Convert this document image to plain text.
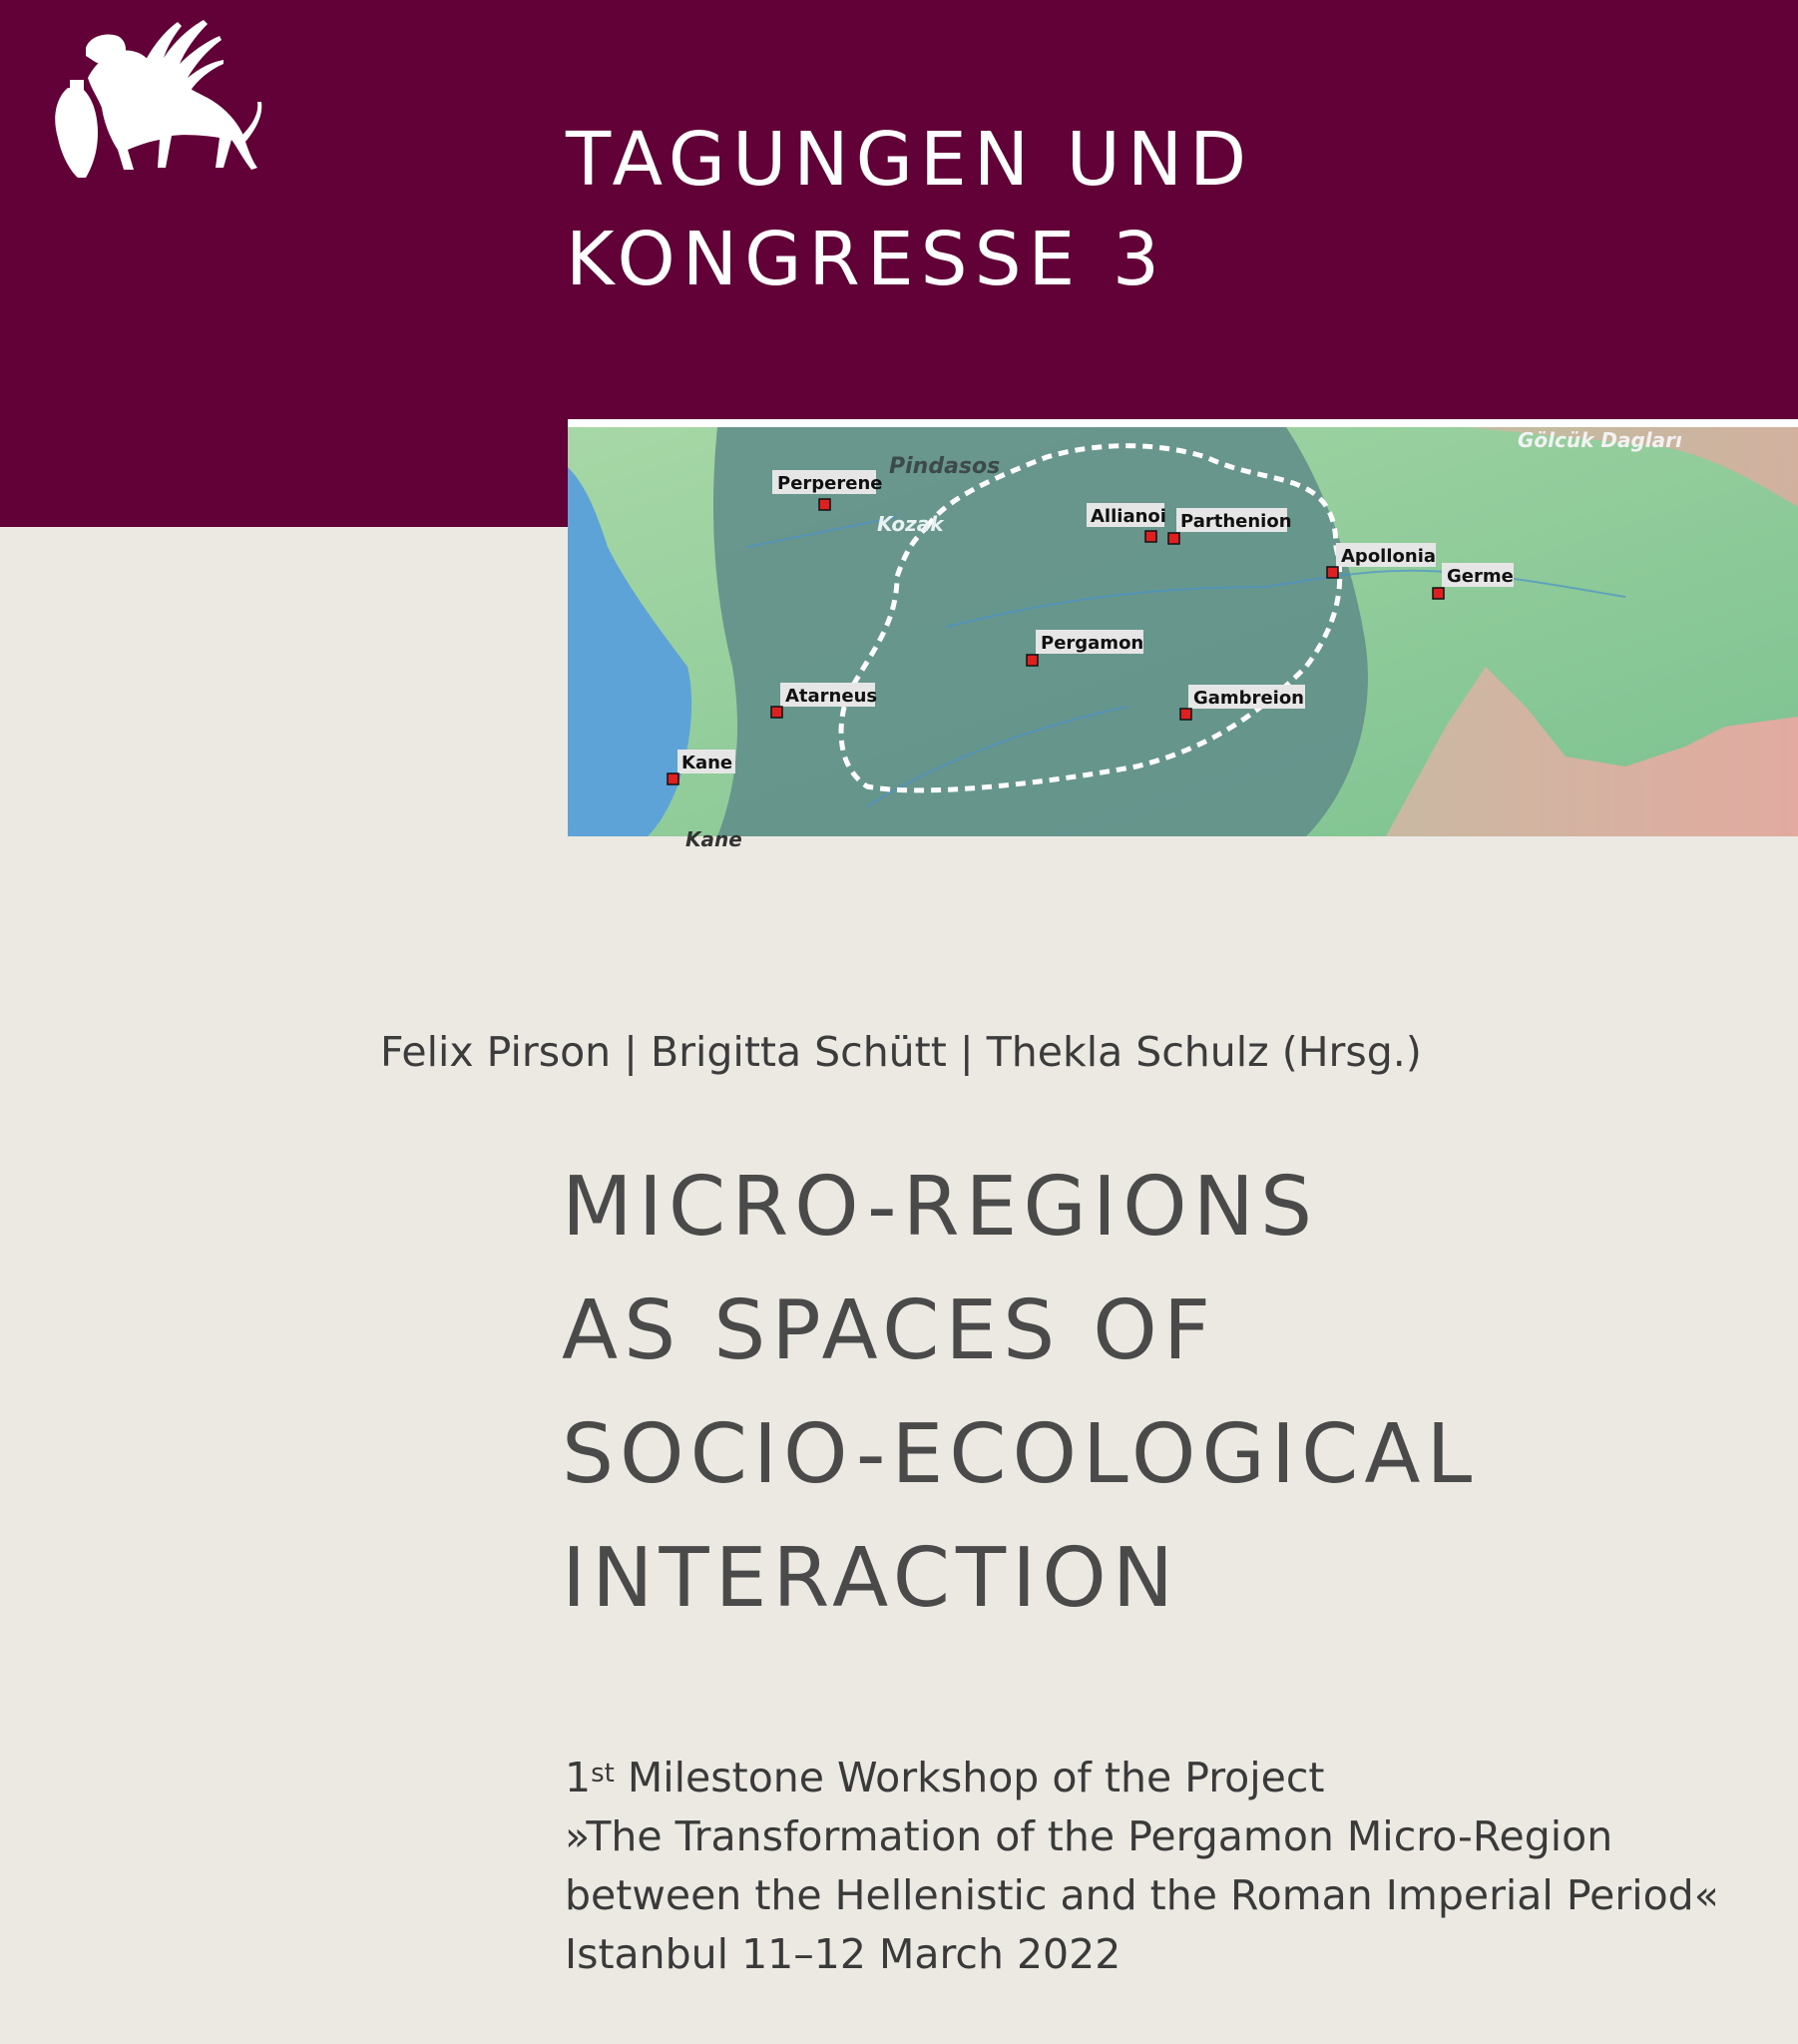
TAGUNGEN UND
KONGRESSE 3
Pindasos
Kozak
Gölcük Dagları
Kane
Perperene
Allianoi Parthenion
Apollonia
Germe
Pergamon
Atarneus	Gambreion
Kane
Felix Pirson | Brigitta Schütt | Thekla Schulz (Hrsg.)
MICRO-REGIONS
AS SPACES OF
SOCIO-ECOLOGICAL
INTERACTION
1st Milestone Workshop of the Project
»The Transformation of the Pergamon Micro-Region
between the Hellenistic and the Roman Imperial Period«
Istanbul 11–12 March 2022
